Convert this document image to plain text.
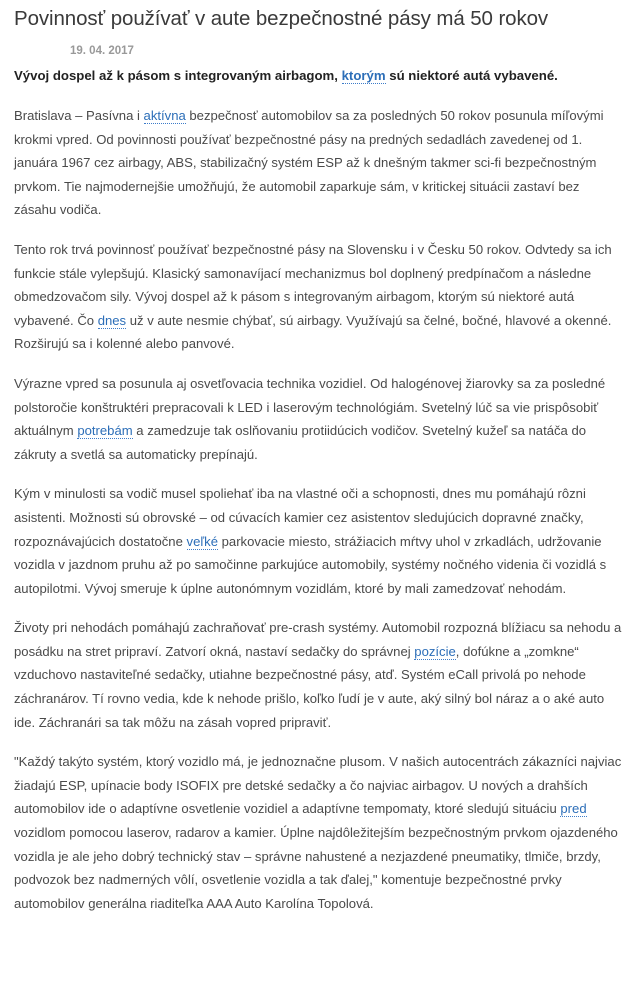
Povinnosť používať v aute bezpečnostné pásy má 50 rokov
19. 04. 2017
Vývoj dospel až k pásom s integrovaným airbagom, ktorým sú niektoré autá vybavené.

Bratislava – Pasívna i aktívna bezpečnosť automobilov sa za posledných 50 rokov posunula míľovými krokmi vpred. Od povinnosti používať bezpečnostné pásy na predných sedadlách zavedenej od 1. januára 1967 cez airbagy, ABS, stabilizačný systém ESP až k dnešným takmer sci-fi bezpečnostným prvkom. Tie najmodernejšie umožňujú, že automobil zaparkuje sám, v kritickej situácii zastaví bez zásahu vodiča.

Tento rok trvá povinnosť používať bezpečnostné pásy na Slovensku i v Česku 50 rokov. Odvtedy sa ich funkcie stále vylepšujú. Klasický samonavíjací mechanizmus bol doplnený predpínačom a následne obmedzovačom sily. Vývoj dospel až k pásom s integrovaným airbagom, ktorým sú niektoré autá vybavené. Čo dnes už v aute nesmie chýbať, sú airbagy. Využívajú sa čelné, bočné, hlavové a okenné. Rozširujú sa i kolenné alebo panvové.

Výrazne vpred sa posunula aj osvetľovacia technika vozidiel. Od halogénovej žiarovky sa za posledné polstoročie konštruktéri prepracovali k LED i laserovým technológiám. Svetelný lúč sa vie prispôsobiť aktuálnym potrebám a zamedzuje tak oslňovaniu protiidúcich vodičov. Svetelný kužeľ sa natáča do zákruty a svetlá sa automaticky prepínajú.

Kým v minulosti sa vodič musel spoliehať iba na vlastné oči a schopnosti, dnes mu pomáhajú rôzni asistenti. Možnosti sú obrovské – od cúvacích kamier cez asistentov sledujúcich dopravné značky, rozpoznávajúcich dostatočne veľké parkovacie miesto, strážiacich mŕtvy uhol v zrkadlách, udržovanie vozidla v jazdnom pruhu až po samočinne parkujúce automobily, systémy nočného videnia či vozidlá s autopilotmi. Vývoj smeruje k úplne autonómnym vozidlám, ktoré by mali zamedzovať nehodám.

Životy pri nehodách pomáhajú zachraňovať pre-crash systémy. Automobil rozpozná blížiacu sa nehodu a posádku na stret pripraví. Zatvorí okná, nastaví sedačky do správnej pozície, dofúkne a „zomkne“ vzduchovo nastaviteľné sedačky, utiahne bezpečnostné pásy, atď. Systém eCall privolá po nehode záchranárov. Tí rovno vedia, kde k nehode prišlo, koľko ľudí je v aute, aký silný bol náraz a o aké auto ide. Záchranári sa tak môžu na zásah vopred pripraviť.

"Každý takýto systém, ktorý vozidlo má, je jednoznačne plusom. V našich autocentrách zákazníci najviac žiadajú ESP, upínacie body ISOFIX pre detské sedačky a čo najviac airbagov. U nových a drahších automobilov ide o adaptívne osvetlenie vozidiel a adaptívne tempomaty, ktoré sledujú situáciu pred vozidlom pomocou laserov, radarov a kamier. Úplne najdôležitejším bezpečnostným prvkom ojazdeného vozidla je ale jeho dobrý technický stav – správne nahustené a nezjazdené pneumatiky, tlmiče, brzdy, podvozok bez nadmerných vôlí, osvetlenie vozidla a tak ďalej," komentuje bezpečnostné prvky automobilov generálna riaditeľka AAA Auto Karolína Topolová.
